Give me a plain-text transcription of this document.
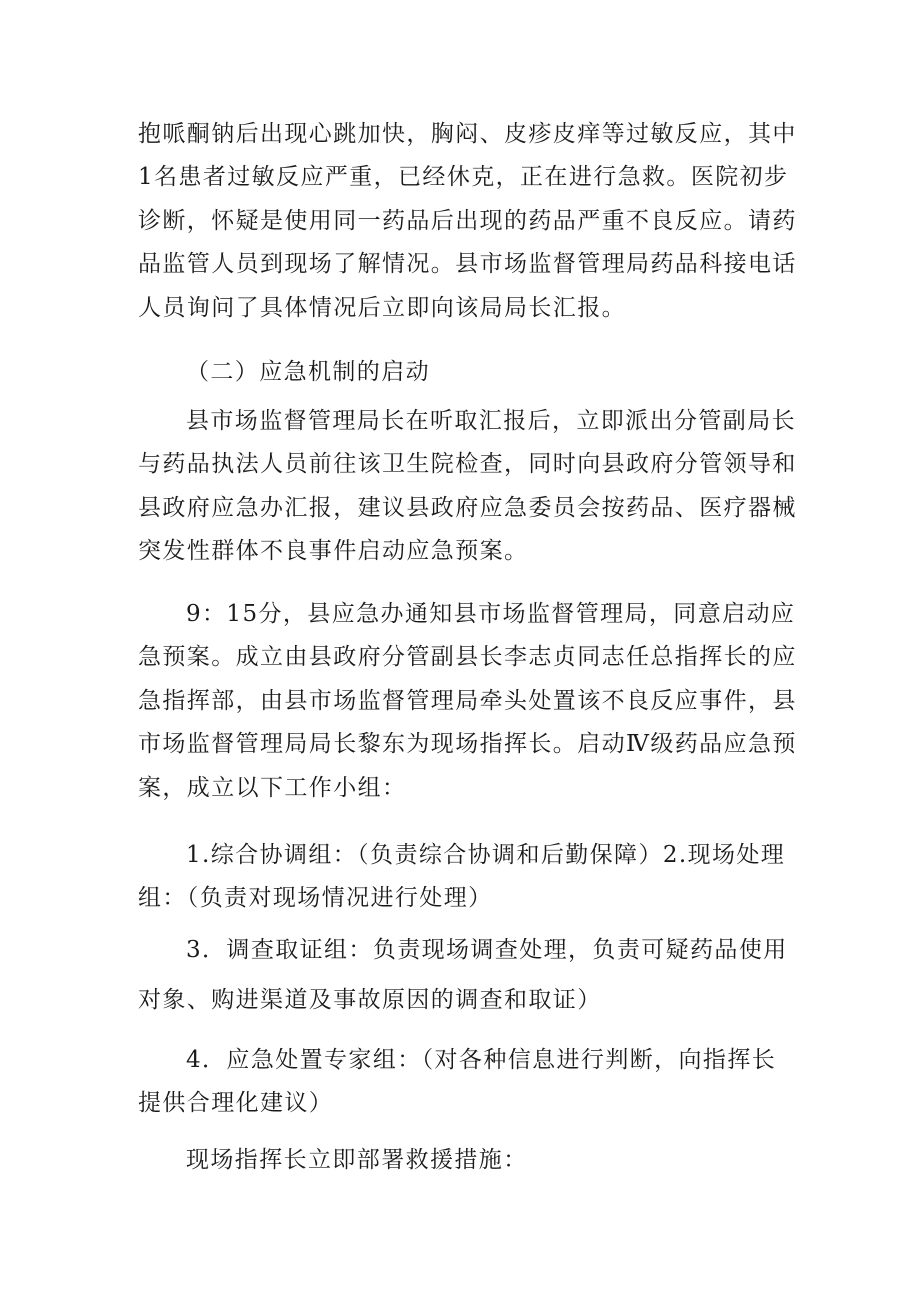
抱哌酮钠后出现心跳加快，胸闷、皮疹皮痒等过敏反应，其中1名患者过敏反应严重，已经休克，正在进行急救。医院初步诊断，怀疑是使用同一药品后出现的药品严重不良反应。请药品监管人员到现场了解情况。县市场监督管理局药品科接电话人员询问了具体情况后立即向该局局长汇报。

（二）应急机制的启动

县市场监督管理局长在听取汇报后，立即派出分管副局长与药品执法人员前往该卫生院检查，同时向县政府分管领导和县政府应急办汇报，建议县政府应急委员会按药品、医疗器械突发性群体不良事件启动应急预案。

9：15分，县应急办通知县市场监督管理局，同意启动应急预案。成立由县政府分管副县长李志贞同志任总指挥长的应急指挥部，由县市场监督管理局牵头处置该不良反应事件，县市场监督管理局局长黎东为现场指挥长。启动Ⅳ级药品应急预案，成立以下工作小组：

1.综合协调组：（负责综合协调和后勤保障）2.现场处理组：（负责对现场情况进行处理）

3．调查取证组：负责现场调查处理，负责可疑药品使用

对象、购进渠道及事故原因的调查和取证）

4．应急处置专家组：（对各种信息进行判断，向指挥长提供合理化建议）

现场指挥长立即部署救援措施：
